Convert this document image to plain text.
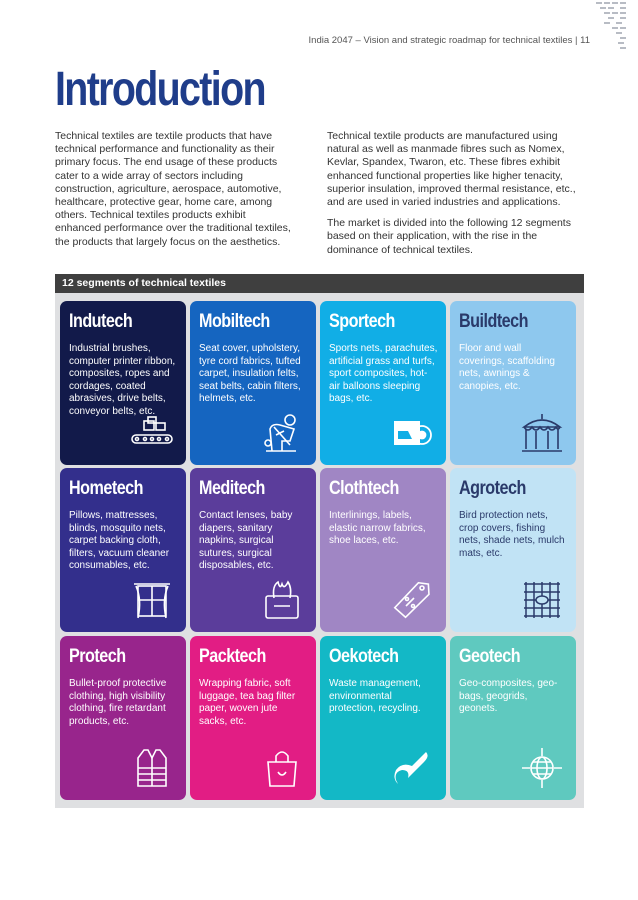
India 2047 – Vision and strategic roadmap for technical textiles | 11
Introduction

Technical textiles are textile products that have technical performance and functionality as their primary focus. The end usage of these products cater to a wide array of sectors including construction, agriculture, aerospace, automotive, healthcare, protective gear, home care, among others. Technical textiles products exhibit enhanced performance over the traditional textiles, the products that largely focus on the aesthetics.

Technical textile products are manufactured using natural as well as manmade fibres such as Nomex, Kevlar, Spandex, Twaron, etc. These fibres exhibit enhanced functional properties like higher tenacity, superior insulation, improved thermal resistance, etc., and are used in varied industries and applications.

The market is divided into the following 12 segments based on their application, with the rise in the dominance of technical textiles.

12 segments of technical textiles
Indutech
Industrial brushes, computer printer ribbon, composites, ropes and cordages, coated abrasives, drive belts, conveyor belts, etc.
Mobiltech
Seat cover, upholstery, tyre cord fabrics, tufted carpet, insulation felts, seat belts, cabin filters, helmets, etc.
Sportech
Sports nets, parachutes, artificial grass and turfs, sport composites, hot-air balloons sleeping bags, etc.
Buildtech
Floor and wall coverings, scaffolding nets, awnings & canopies, etc.
Hometech
Pillows, mattresses, blinds, mosquito nets, carpet backing cloth, filters, vacuum cleaner consumables, etc.
Meditech
Contact lenses, baby diapers, sanitary napkins, surgical sutures, surgical disposables, etc.
Clothtech
Interlinings, labels, elastic narrow fabrics, shoe laces, etc.
Agrotech
Bird protection nets, crop covers, fishing nets, shade nets, mulch mats, etc.
Protech
Bullet-proof protective clothing, high visibility clothing, fire retardant products, etc.
Packtech
Wrapping fabric, soft luggage, tea bag filter paper, woven jute sacks, etc.
Oekotech
Waste management, environmental protection, recycling.
Geotech
Geo-composites, geo-bags, geogrids, geonets.
